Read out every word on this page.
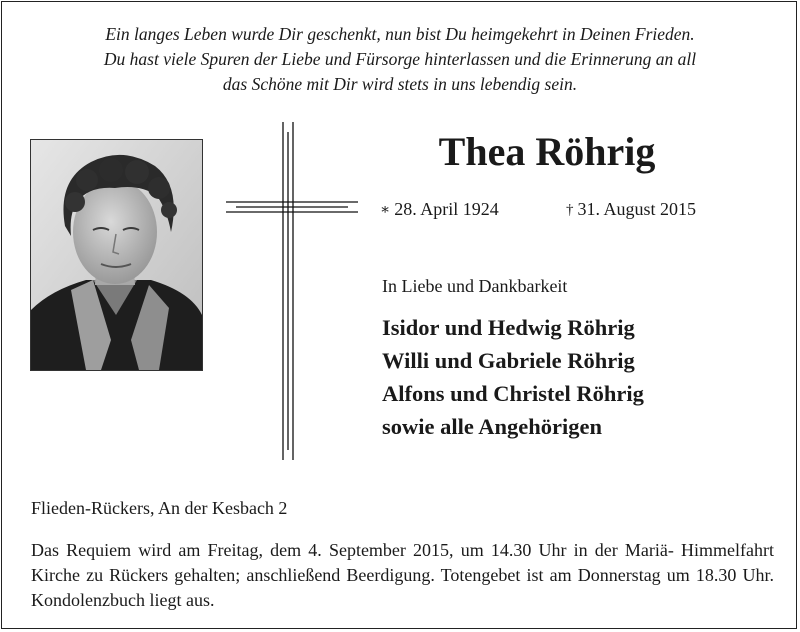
Ein langes Leben wurde Dir geschenkt, nun bist Du heimgekehrt in Deinen Frieden.
Du hast viele Spuren der Liebe und Fürsorge hinterlassen und die Erinnerung an all
das Schöne mit Dir wird stets in uns lebendig sein.
Thea Röhrig
∗ 28. April 1924	† 31. August 2015
In Liebe und Dankbarkeit
Isidor und Hedwig Röhrig
Willi und Gabriele Röhrig
Alfons und Christel Röhrig
sowie alle Angehörigen
Flieden-Rückers, An der Kesbach 2
Das Requiem wird am Freitag, dem 4. September 2015, um 14.30 Uhr in der Mariä- Himmelfahrt Kirche zu Rückers gehalten; anschließend Beerdigung. Totengebet ist am Donnerstag um 18.30 Uhr. Kondolenzbuch liegt aus.
